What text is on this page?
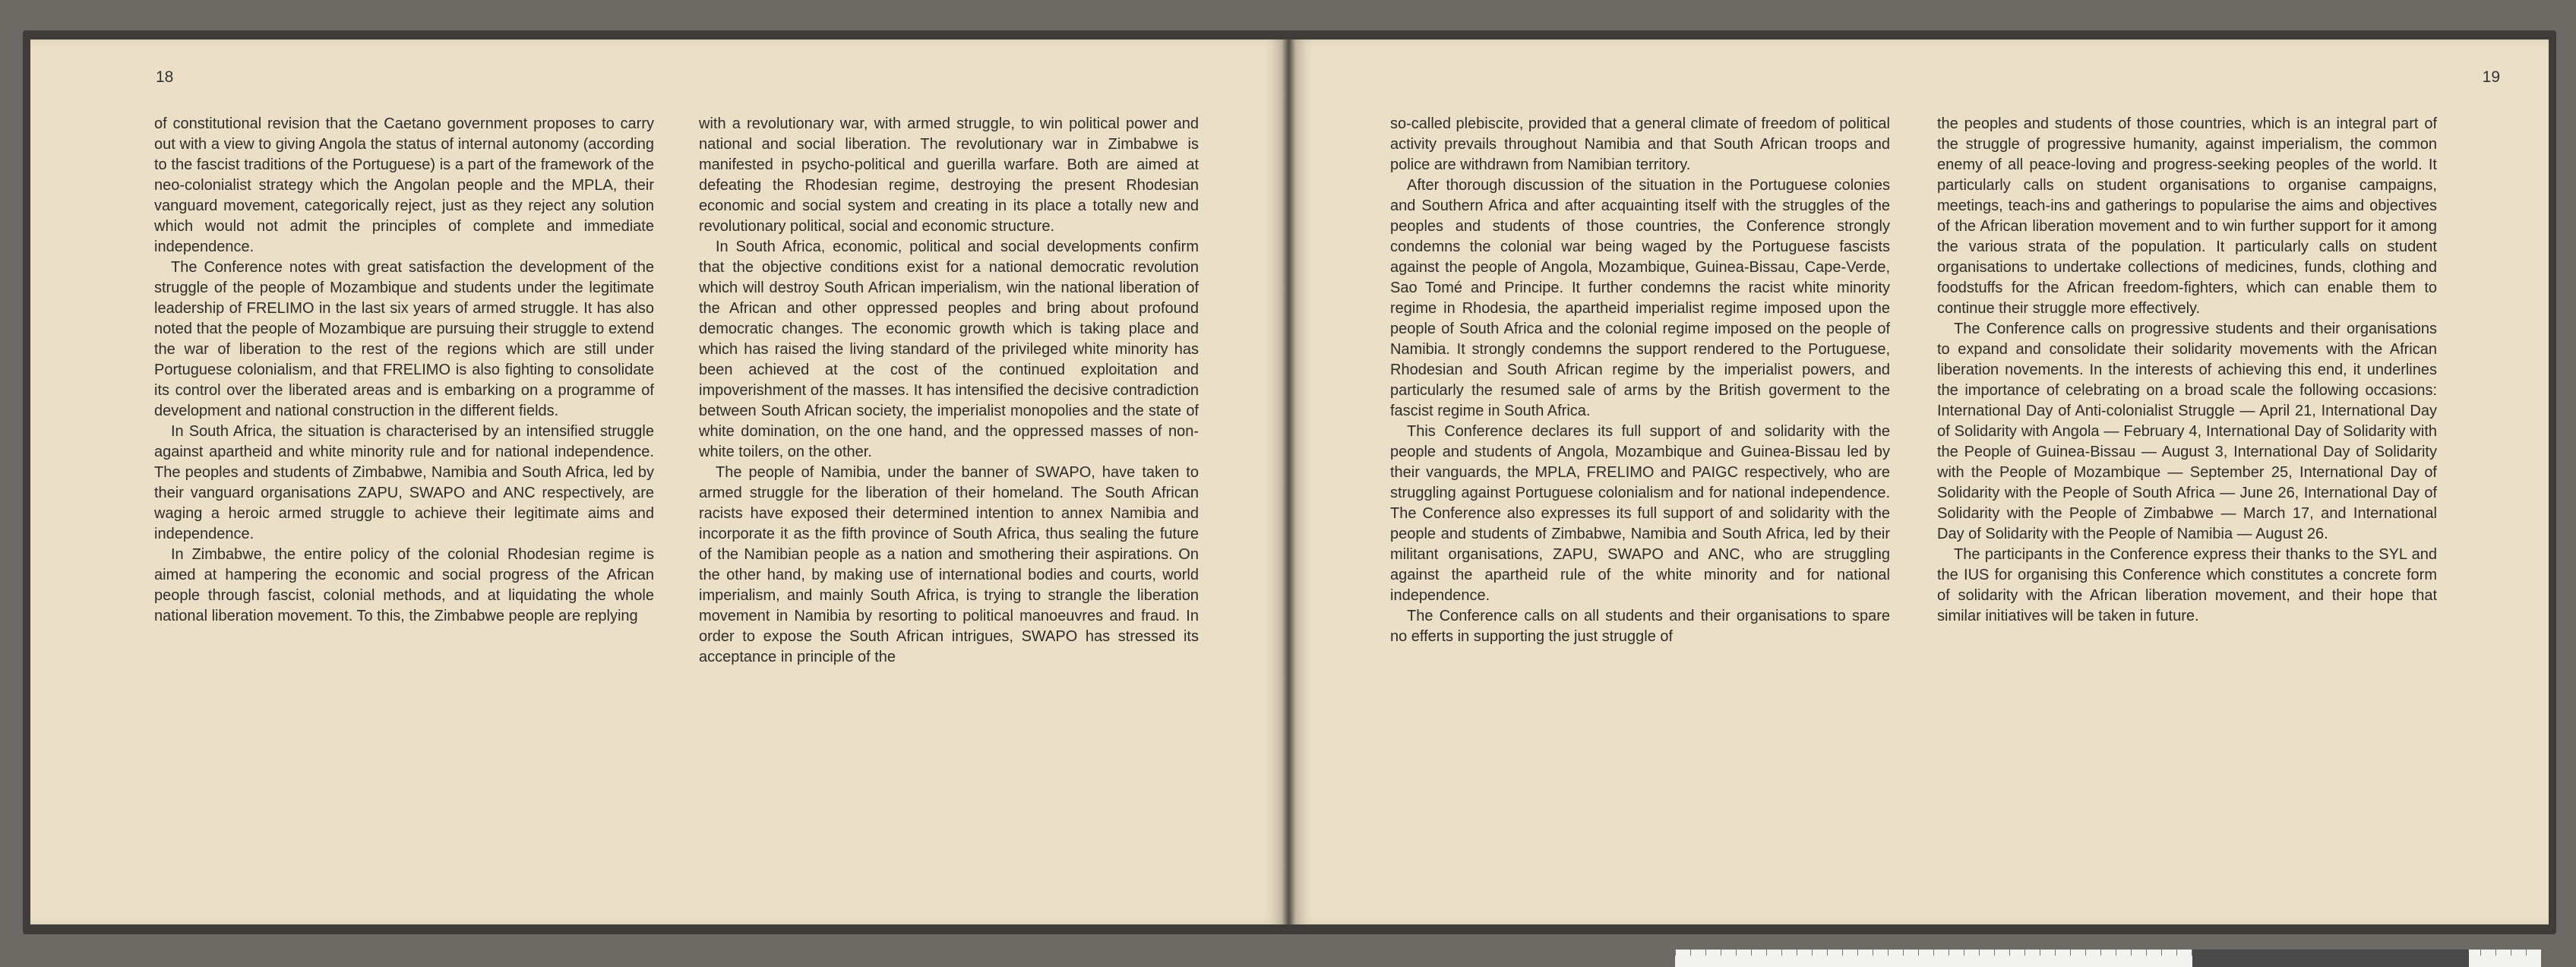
18

of constitutional revision that the Caetano government proposes to carry out with a view to giving Angola the status of internal autonomy (according to the fascist traditions of the Portuguese) is a part of the framework of the neo-colonialist strategy which the Angolan people and the MPLA, their vanguard movement, categorically reject, just as they reject any solution which would not admit the principles of complete and immediate independence.

The Conference notes with great satisfaction the development of the struggle of the people of Mozambique and students under the legitimate leadership of FRELIMO in the last six years of armed struggle. It has also noted that the people of Mozambique are pursuing their struggle to extend the war of liberation to the rest of the regions which are still under Portuguese colonialism, and that FRELIMO is also fighting to consolidate its control over the liberated areas and is embarking on a programme of development and national construction in the different fields.

In South Africa, the situation is characterised by an intensified struggle against apartheid and white minority rule and for national independence. The peoples and students of Zimbabwe, Namibia and South Africa, led by their vanguard organisations ZAPU, SWAPO and ANC respectively, are waging a heroic armed struggle to achieve their legitimate aims and independence.

In Zimbabwe, the entire policy of the colonial Rhodesian regime is aimed at hampering the economic and social progress of the African people through fascist, colonial methods, and at liquidating the whole national liberation movement. To this, the Zimbabwe people are replying

with a revolutionary war, with armed struggle, to win political power and national and social liberation. The revolutionary war in Zimbabwe is manifested in psycho-political and guerilla warfare. Both are aimed at defeating the Rhodesian regime, destroying the present Rhodesian economic and social system and creating in its place a totally new and revolutionary political, social and economic structure.

In South Africa, economic, political and social developments confirm that the objective conditions exist for a national democratic revolution which will destroy South African imperialism, win the national liberation of the African and other oppressed peoples and bring about profound democratic changes. The economic growth which is taking place and which has raised the living standard of the privileged white minority has been achieved at the cost of the continued exploitation and impoverishment of the masses. It has intensified the decisive contradiction between South African society, the imperialist monopolies and the state of white domination, on the one hand, and the oppressed masses of non-white toilers, on the other.

The people of Namibia, under the banner of SWAPO, have taken to armed struggle for the liberation of their homeland. The South African racists have exposed their determined intention to annex Namibia and incorporate it as the fifth province of South Africa, thus sealing the future of the Namibian people as a nation and smothering their aspirations. On the other hand, by making use of international bodies and courts, world imperialism, and mainly South Africa, is trying to strangle the liberation movement in Namibia by resorting to political manoeuvres and fraud. In order to expose the South African intrigues, SWAPO has stressed its acceptance in principle of the

19

so-called plebiscite, provided that a general climate of freedom of political activity prevails throughout Namibia and that South African troops and police are withdrawn from Namibian territory.

After thorough discussion of the situation in the Portuguese colonies and Southern Africa and after acquainting itself with the struggles of the peoples and students of those countries, the Conference strongly condemns the colonial war being waged by the Portuguese fascists against the people of Angola, Mozambique, Guinea-Bissau, Cape-Verde, Sao Tomé and Principe. It further condemns the racist white minority regime in Rhodesia, the apartheid imperialist regime imposed upon the people of South Africa and the colonial regime imposed on the people of Namibia. It strongly condemns the support rendered to the Portuguese, Rhodesian and South African regime by the imperialist powers, and particularly the resumed sale of arms by the British goverment to the fascist regime in South Africa.

This Conference declares its full support of and solidarity with the people and students of Angola, Mozambique and Guinea-Bissau led by their vanguards, the MPLA, FRELIMO and PAIGC respectively, who are struggling against Portuguese colonialism and for national independence. The Conference also expresses its full support of and solidarity with the people and students of Zimbabwe, Namibia and South Africa, led by their militant organisations, ZAPU, SWAPO and ANC, who are struggling against the apartheid rule of the white minority and for national independence.

The Conference calls on all students and their organisations to spare no efferts in supporting the just struggle of

the peoples and students of those countries, which is an integral part of the struggle of progressive humanity, against imperialism, the common enemy of all peace-loving and progress-seeking peoples of the world. It particularly calls on student organisations to organise campaigns, meetings, teach-ins and gatherings to popularise the aims and objectives of the African liberation movement and to win further support for it among the various strata of the population. It particularly calls on student organisations to undertake collections of medicines, funds, clothing and foodstuffs for the African freedom-fighters, which can enable them to continue their struggle more effectively.

The Conference calls on progressive students and their organisations to expand and consolidate their solidarity movements with the African liberation novements. In the interests of achieving this end, it underlines the importance of celebrating on a broad scale the following occasions: International Day of Anti-colonialist Struggle — April 21, International Day of Solidarity with Angola — February 4, International Day of Solidarity with the People of Guinea-Bissau — August 3, International Day of Solidarity with the People of Mozambique — September 25, International Day of Solidarity with the People of South Africa — June 26, International Day of Solidarity with the People of Zimbabwe — March 17, and International Day of Solidarity with the People of Namibia — August 26.

The participants in the Conference express their thanks to the SYL and the IUS for organising this Conference which constitutes a concrete form of solidarity with the African liberation movement, and their hope that similar initiatives will be taken in future.
